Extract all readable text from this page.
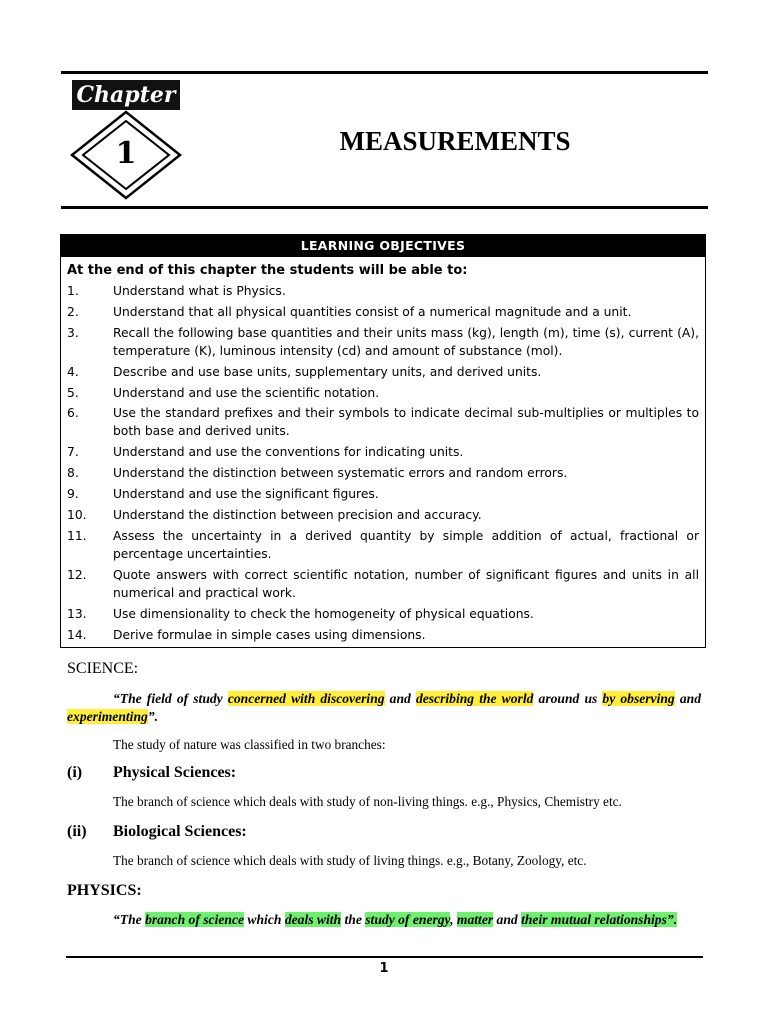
Chapter
1	MEASUREMENTS
LEARNING OBJECTIVES
At the end of this chapter the students will be able to:
1.	Understand what is Physics.
2.	Understand that all physical quantities consist of a numerical magnitude and a unit.
3.	Recall the following base quantities and their units mass (kg), length (m), time (s), current (A), temperature (K), luminous intensity (cd) and amount of substance (mol).
4.	Describe and use base units, supplementary units, and derived units.
5.	Understand and use the scientific notation.
6.	Use the standard prefixes and their symbols to indicate decimal sub-multiplies or multiples to both base and derived units.
7.	Understand and use the conventions for indicating units.
8.	Understand the distinction between systematic errors and random errors.
9.	Understand and use the significant figures.
10.	Understand the distinction between precision and accuracy.
11.	Assess the uncertainty in a derived quantity by simple addition of actual, fractional or percentage uncertainties.
12.	Quote answers with correct scientific notation, number of significant figures and units in all numerical and practical work.
13.	Use dimensionality to check the homogeneity of physical equations.
14.	Derive formulae in simple cases using dimensions.
SCIENCE:

“The field of study concerned with discovering and describing the world around us by observing and experimenting”.

The study of nature was classified in two branches:

(i)	Physical Sciences:

The branch of science which deals with study of non-living things. e.g., Physics, Chemistry etc.

(ii)	Biological Sciences:

The branch of science which deals with study of living things. e.g., Botany, Zoology, etc.

PHYSICS:

“The branch of science which deals with the study of energy, matter and their mutual relationships”.

1
